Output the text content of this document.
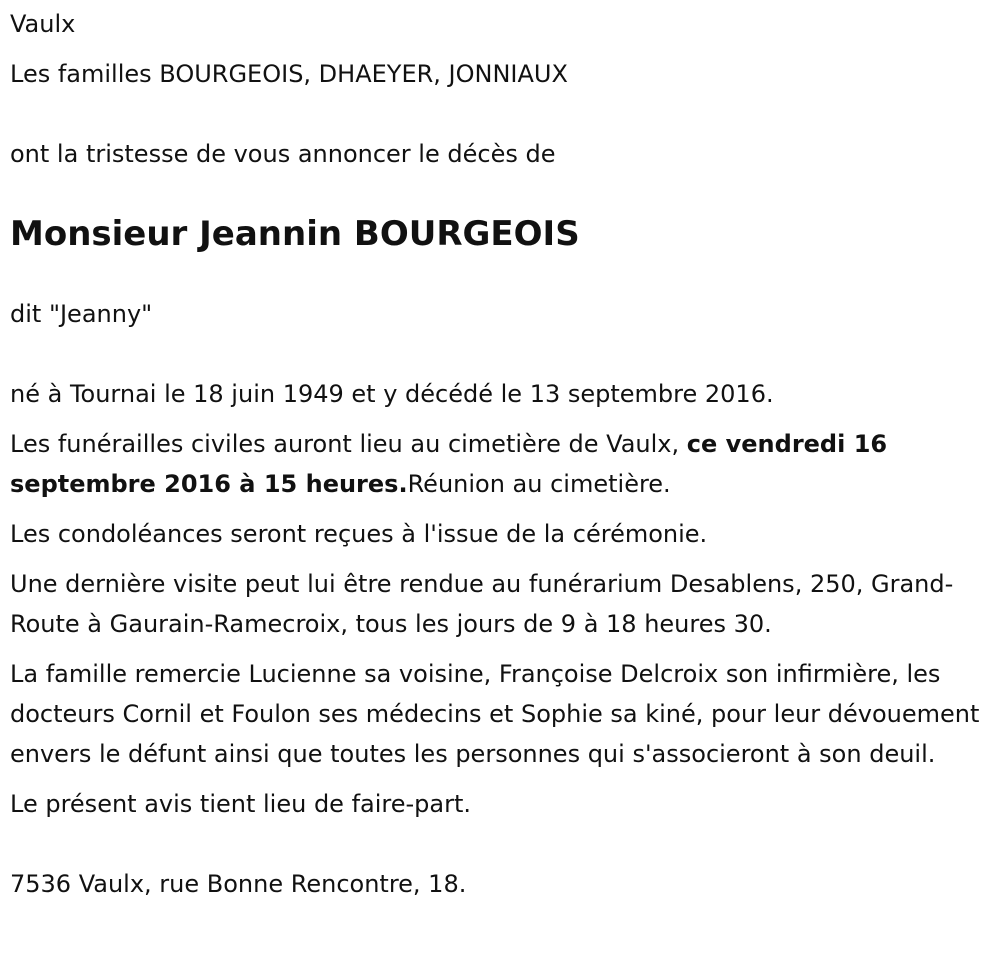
Vaulx

Les familles BOURGEOIS, DHAEYER, JONNIAUX

ont la tristesse de vous annoncer le décès de

Monsieur Jeannin BOURGEOIS

dit "Jeanny"

né à Tournai le 18 juin 1949 et y décédé le 13 septembre 2016.

Les funérailles civiles auront lieu au cimetière de Vaulx, ce vendredi 16 septembre 2016 à 15 heures.Réunion au cimetière.

Les condoléances seront reçues à l'issue de la cérémonie.

Une dernière visite peut lui être rendue au funérarium Desablens, 250, Grand-Route à Gaurain-Ramecroix, tous les jours de 9 à 18 heures 30.

La famille remercie Lucienne sa voisine, Françoise Delcroix son infirmière, les docteurs Cornil et Foulon ses médecins et Sophie sa kiné, pour leur dévouement envers le défunt ainsi que toutes les personnes qui s'associeront à son deuil.

Le présent avis tient lieu de faire-part.

7536 Vaulx, rue Bonne Rencontre, 18.
